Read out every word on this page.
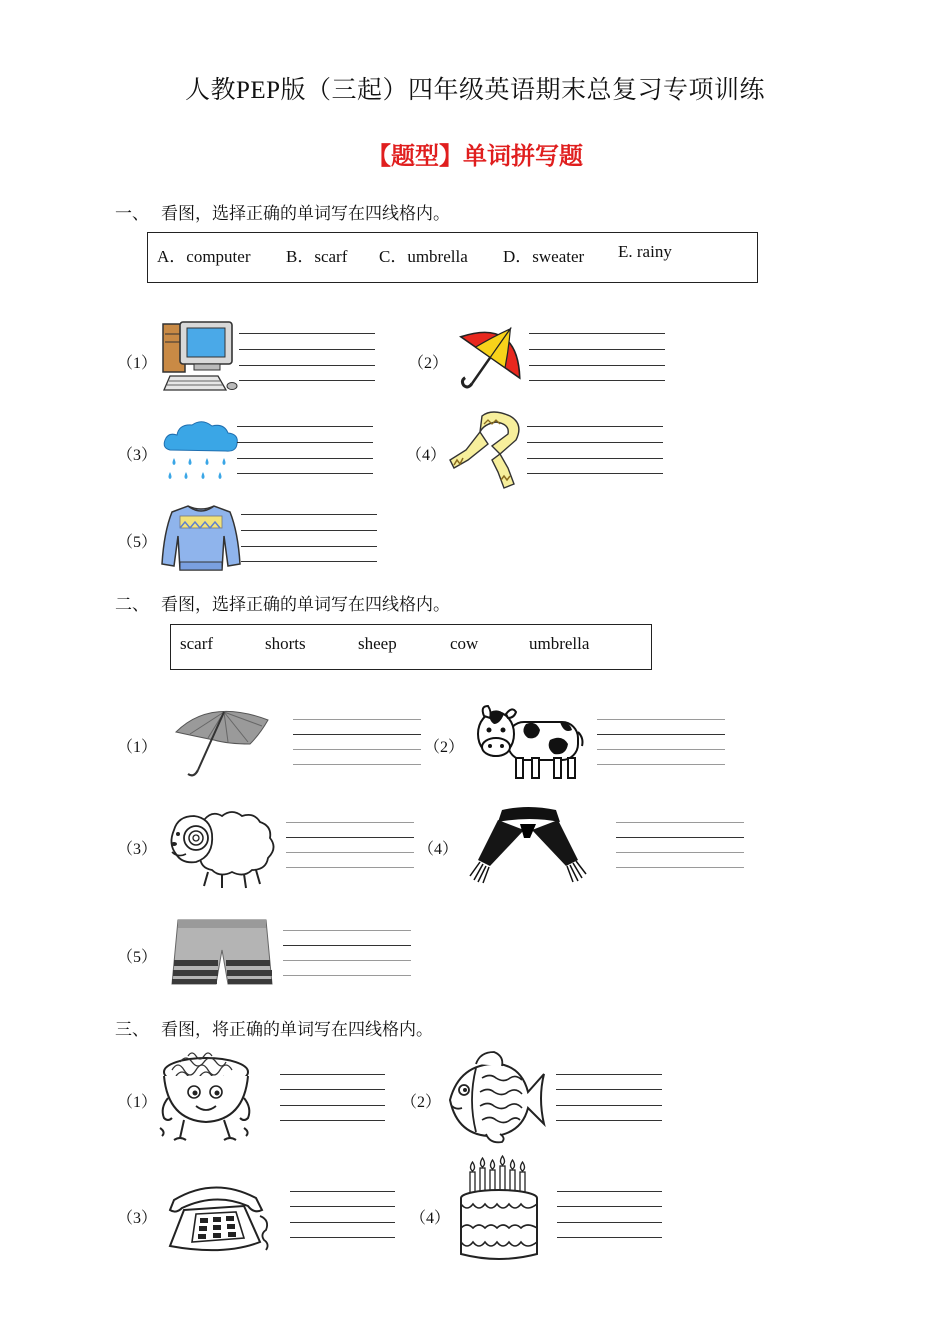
人教PEP版（三起）四年级英语期末总复习专项训练
【题型】单词拼写题
一、 看图，选择正确的单词写在四线格内。
A．computer B．scarf C．umbrella D．sweater E. rainy
（1）	（2）
（3）	（4）
（5）
二、 看图，选择正确的单词写在四线格内。
scarf	shorts	sheep	cow	umbrella
（1）	（2）
（3）	（4）
（5）
三、 看图，将正确的单词写在四线格内。
（1）	（2）
（3）	（4）
